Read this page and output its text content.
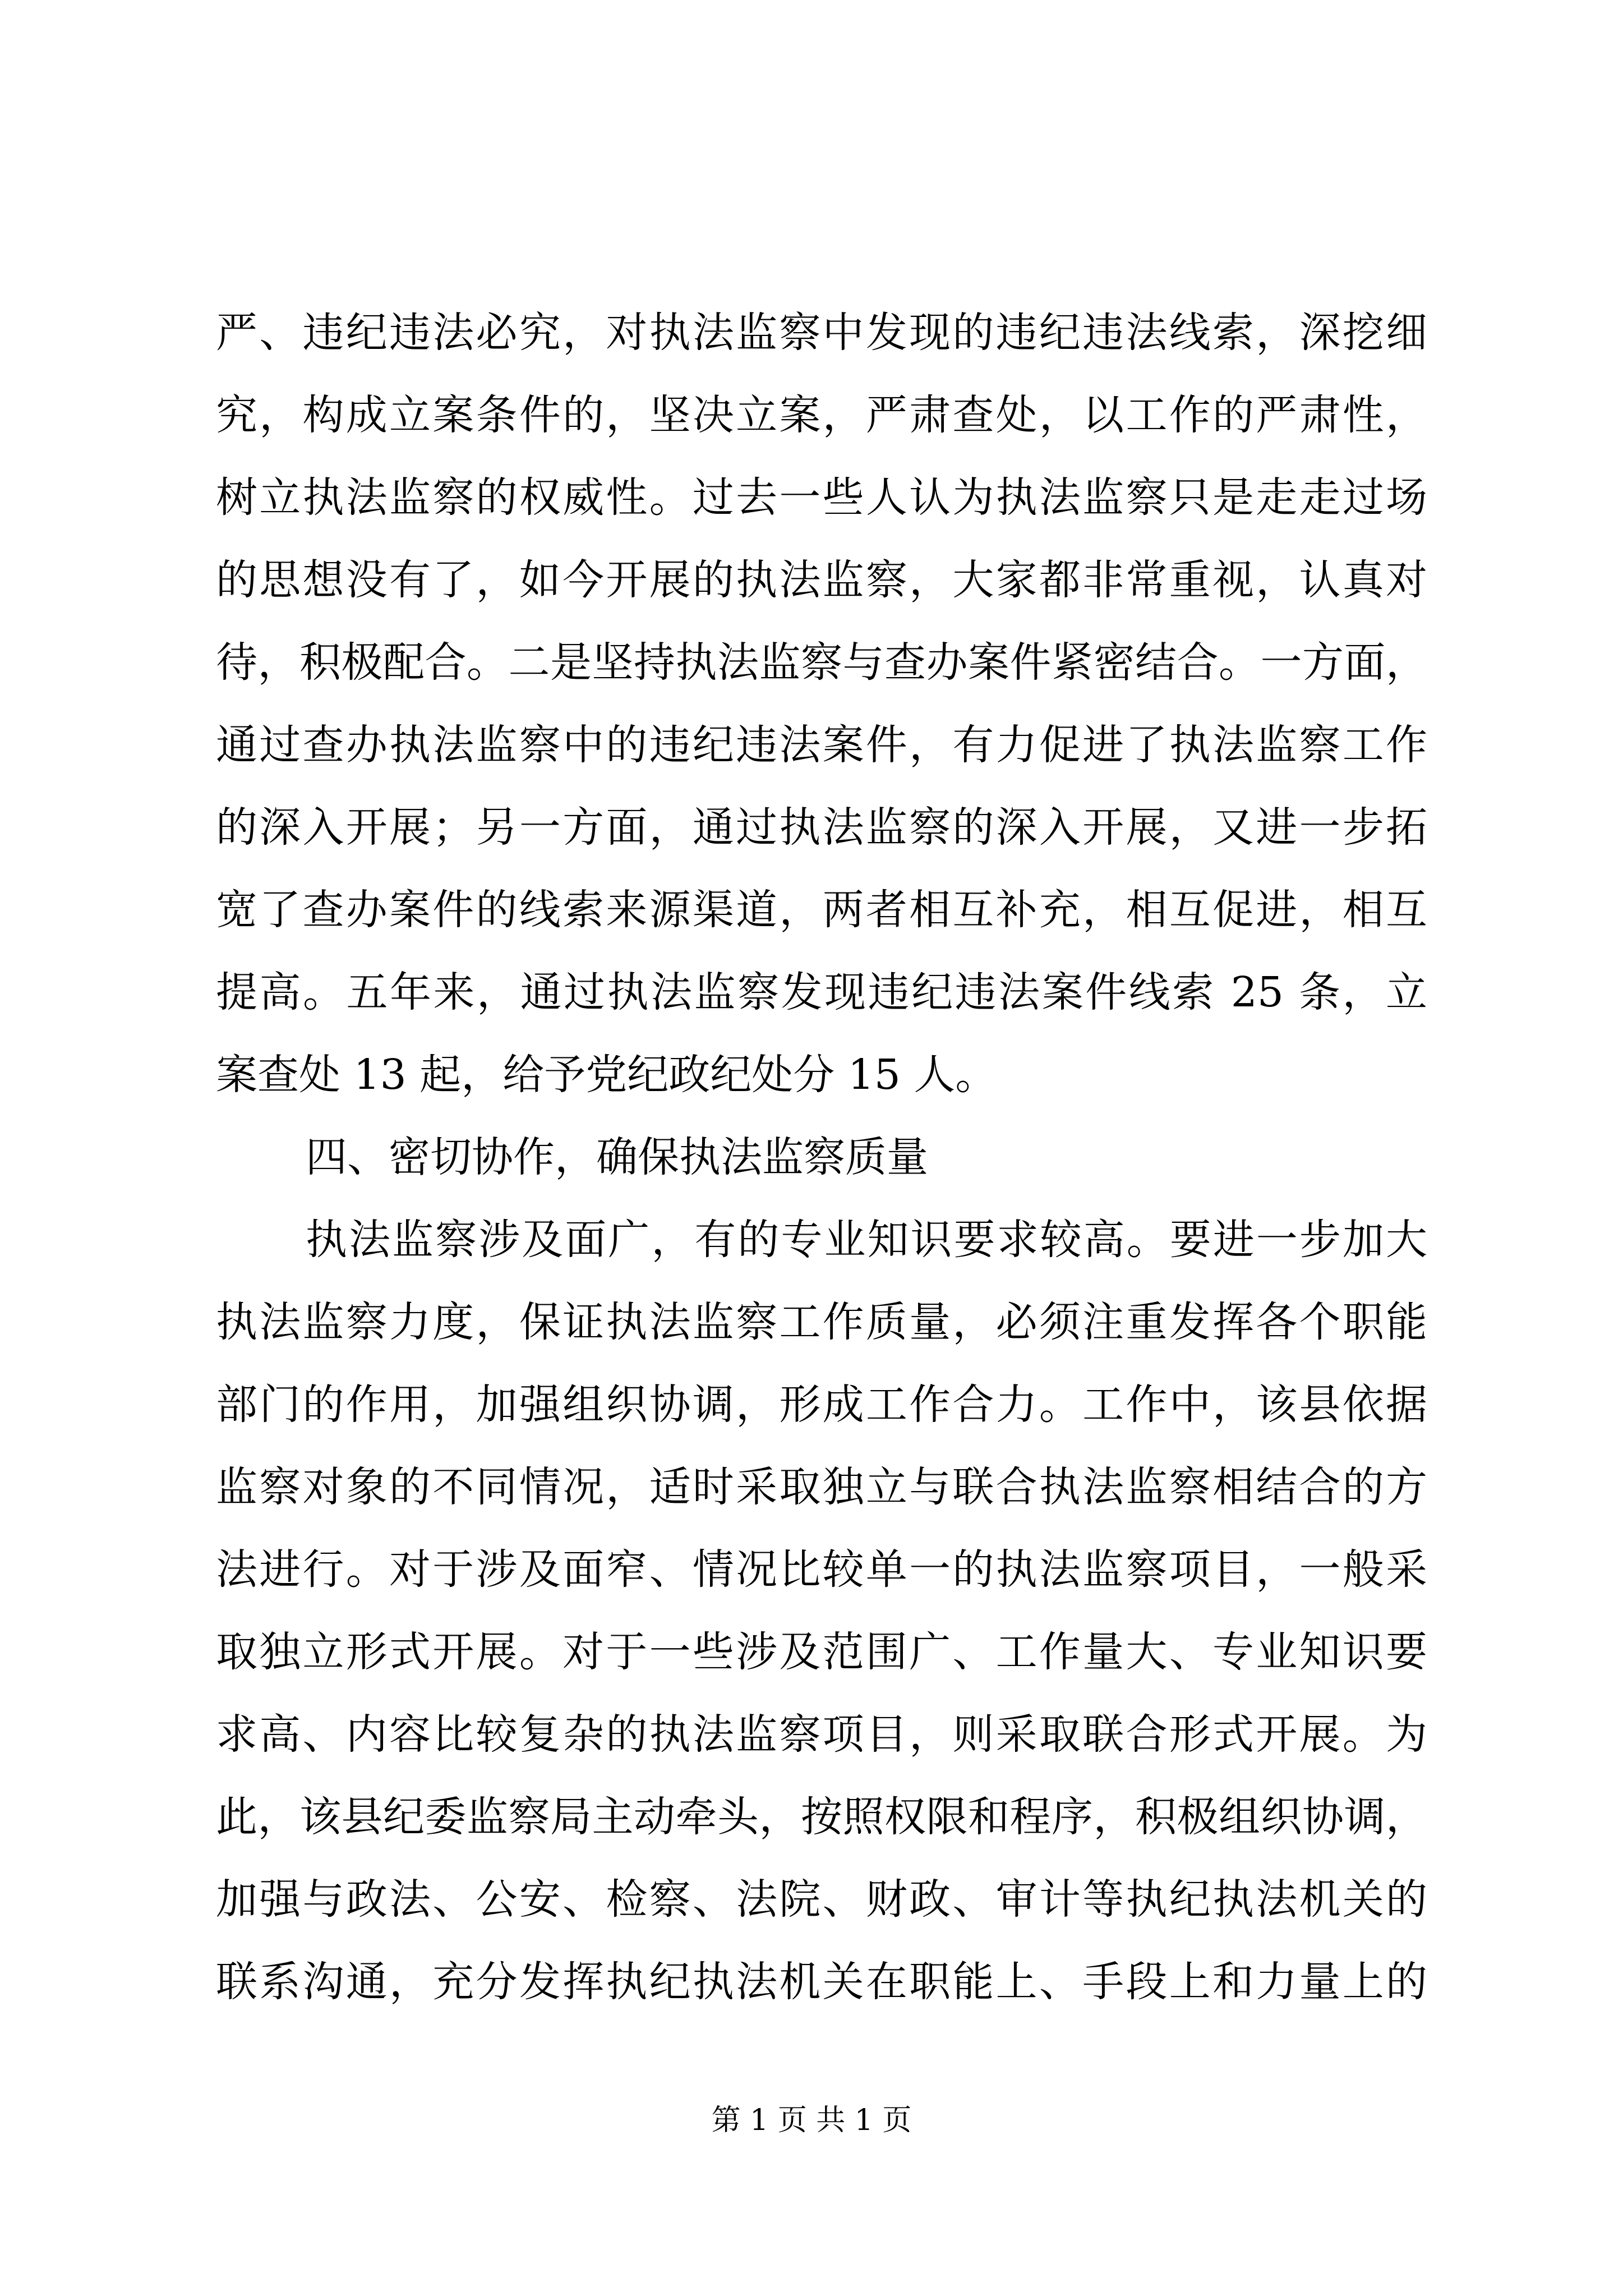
严、违纪违法必究，对执法监察中发现的违纪违法线索，深挖细
究，构成立案条件的，坚决立案，严肃查处，以工作的严肃性，
树立执法监察的权威性。过去一些人认为执法监察只是走走过场
的思想没有了，如今开展的执法监察，大家都非常重视，认真对
待，积极配合。二是坚持执法监察与查办案件紧密结合。一方面，
通过查办执法监察中的违纪违法案件，有力促进了执法监察工作
的深入开展；另一方面，通过执法监察的深入开展，又进一步拓
宽了查办案件的线索来源渠道，两者相互补充，相互促进，相互
提高。五年来，通过执法监察发现违纪违法案件线索 25 条，立
案查处 13 起，给予党纪政纪处分 15 人。
四、密切协作，确保执法监察质量
执法监察涉及面广，有的专业知识要求较高。要进一步加大
执法监察力度，保证执法监察工作质量，必须注重发挥各个职能
部门的作用，加强组织协调，形成工作合力。工作中，该县依据
监察对象的不同情况，适时采取独立与联合执法监察相结合的方
法进行。对于涉及面窄、情况比较单一的执法监察项目，一般采
取独立形式开展。对于一些涉及范围广、工作量大、专业知识要
求高、内容比较复杂的执法监察项目，则采取联合形式开展。为
此，该县纪委监察局主动牵头，按照权限和程序，积极组织协调，
加强与政法、公安、检察、法院、财政、审计等执纪执法机关的
联系沟通，充分发挥执纪执法机关在职能上、手段上和力量上的
第 1 页 共 1 页
